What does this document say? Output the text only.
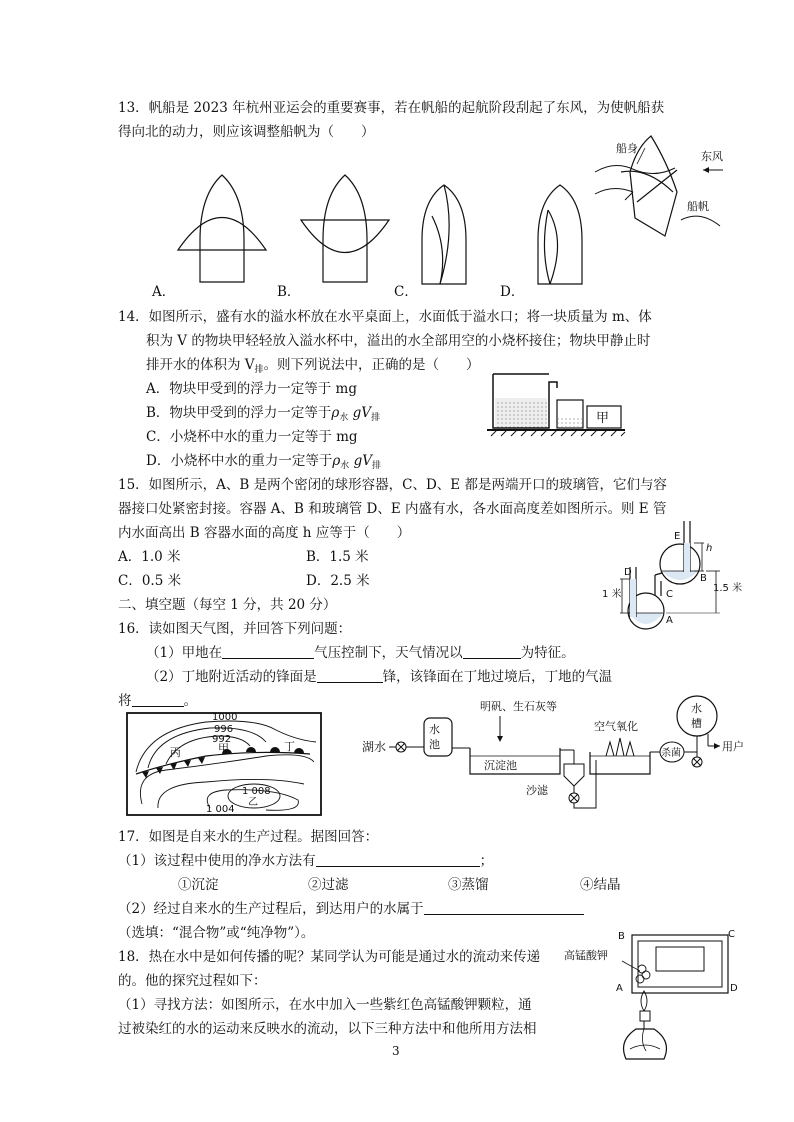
13．帆船是 2023 年杭州亚运会的重要赛事，若在帆船的起航阶段刮起了东风，为使帆船获
得向北的动力，则应该调整船帆为（　　）
A．	B．	C．	D．
船身
东风
船帆
14．如图所示，盛有水的溢水杯放在水平桌面上，水面低于溢水口；将一块质量为 m、体
积为 V 的物块甲轻轻放入溢水杯中，溢出的水全部用空的小烧杯接住；物块甲静止时
排开水的体积为 $V_排$。则下列说法中，正确的是（　　）
A．物块甲受到的浮力一定等于 mg
B．物块甲受到的浮力一定等于$\rho_水$ $gV_排$
C．小烧杯中水的重力一定等于 mg
D．小烧杯中水的重力一定等于$\rho_水$ $gV_排$
甲
15．如图所示，A、B 是两个密闭的球形容器，C、D、E 都是两端开口的玻璃管，它们与容
器接口处紧密封接。容器 A、B 和玻璃管 D、E 内盛有水，各水面高度差如图所示。则 E 管
内水面高出 B 容器水面的高度 h 应等于（　　）
A．1.0 米	B．1.5 米
C．0.5 米	D．2.5 米
h
1.5 米
1 米
E
B
D
C
A
二、填空题（每空 1 分，共 20 分）
16．读如图天气图，并回答下列问题：
（1）甲地在	气压控制下，天气情况以	为特征。
（2）丁地附近活动的锋面是	锋，该锋面在丁地过境后，丁地的气温
将	。
1000
996
992
丙	甲	丁
1 008
乙
1 004
湖水
水
池
明矾、生石灰等
沉淀池
沙滤
空气氧化
杀菌
水
槽
用户
17．如图是自来水的生产过程。据图回答：
（1）该过程中使用的净水方法有	；
①沉淀	②过滤	③蒸馏	④结晶
（2）经过自来水的生产过程后，到达用户的水属于
（选填：“混合物”或“纯净物”）。
18．热在水中是如何传播的呢？某同学认为可能是通过水的流动来传递
的。他的探究过程如下：
（1）寻找方法：如图所示，在水中加入一些紫红色高锰酸钾颗粒，通
过被染红的水的运动来反映水的流动，以下三种方法中和他所用方法相
高锰酸钾
B	C
A	D
3
